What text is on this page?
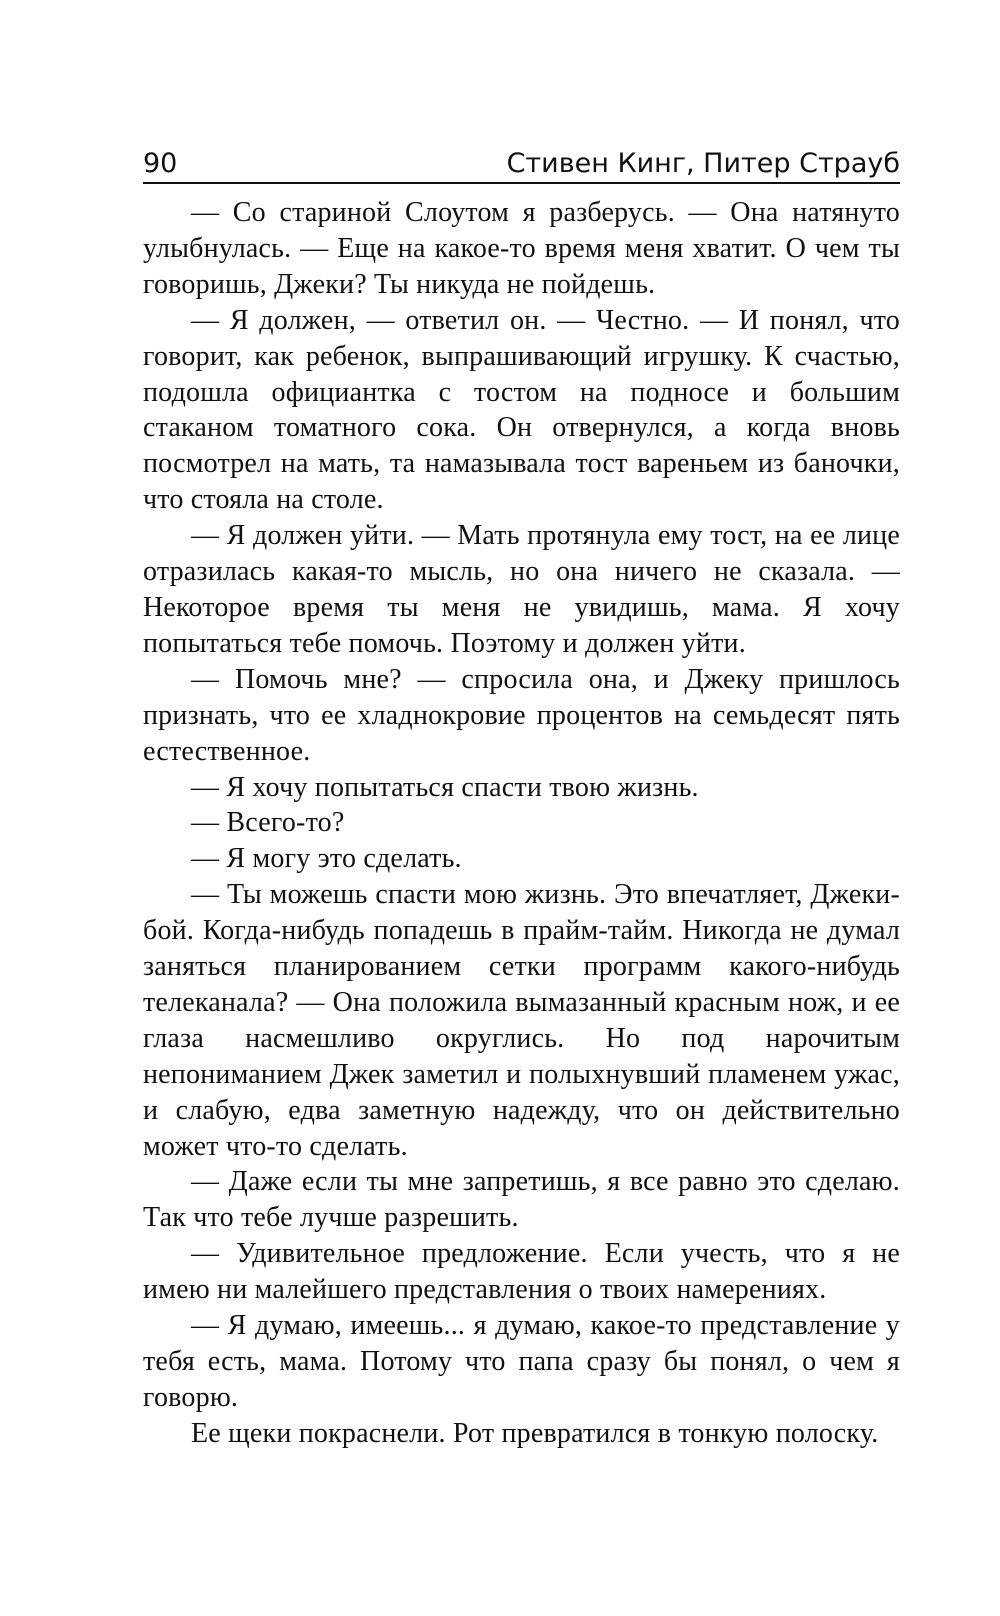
90	Стивен Кинг, Питер Страуб

— Со стариной Слоутом я разберусь. — Она натянуто улыбнулась. — Еще на какое-то время меня хватит. О чем ты говоришь, Джеки? Ты никуда не пойдешь.

— Я должен, — ответил он. — Честно. — И понял, что говорит, как ребенок, выпрашивающий игрушку. К счастью, подошла официантка с тостом на подносе и большим стаканом томатного сока. Он отвернулся, а когда вновь посмотрел на мать, та намазывала тост вареньем из баночки, что стояла на столе.

— Я должен уйти. — Мать протянула ему тост, на ее лице отразилась какая-то мысль, но она ничего не сказала. — Некоторое время ты меня не увидишь, мама. Я хочу попытаться тебе помочь. Поэтому и должен уйти.

— Помочь мне? — спросила она, и Джеку пришлось признать, что ее хладнокровие процентов на семьдесят пять естественное.

— Я хочу попытаться спасти твою жизнь.

— Всего-то?

— Я могу это сделать.

— Ты можешь спасти мою жизнь. Это впечатляет, Джеки-бой. Когда-нибудь попадешь в прайм-тайм. Никогда не думал заняться планированием сетки программ какого-нибудь телеканала? — Она положила вымазанный красным нож, и ее глаза насмешливо округлись. Но под нарочитым непониманием Джек заметил и полыхнувший пламенем ужас, и слабую, едва заметную надежду, что он действительно может что-то сделать.

— Даже если ты мне запретишь, я все равно это сделаю. Так что тебе лучше разрешить.

— Удивительное предложение. Если учесть, что я не имею ни малейшего представления о твоих намерениях.

— Я думаю, имеешь... я думаю, какое-то представление у тебя есть, мама. Потому что папа сразу бы понял, о чем я говорю.

Ее щеки покраснели. Рот превратился в тонкую полоску.
